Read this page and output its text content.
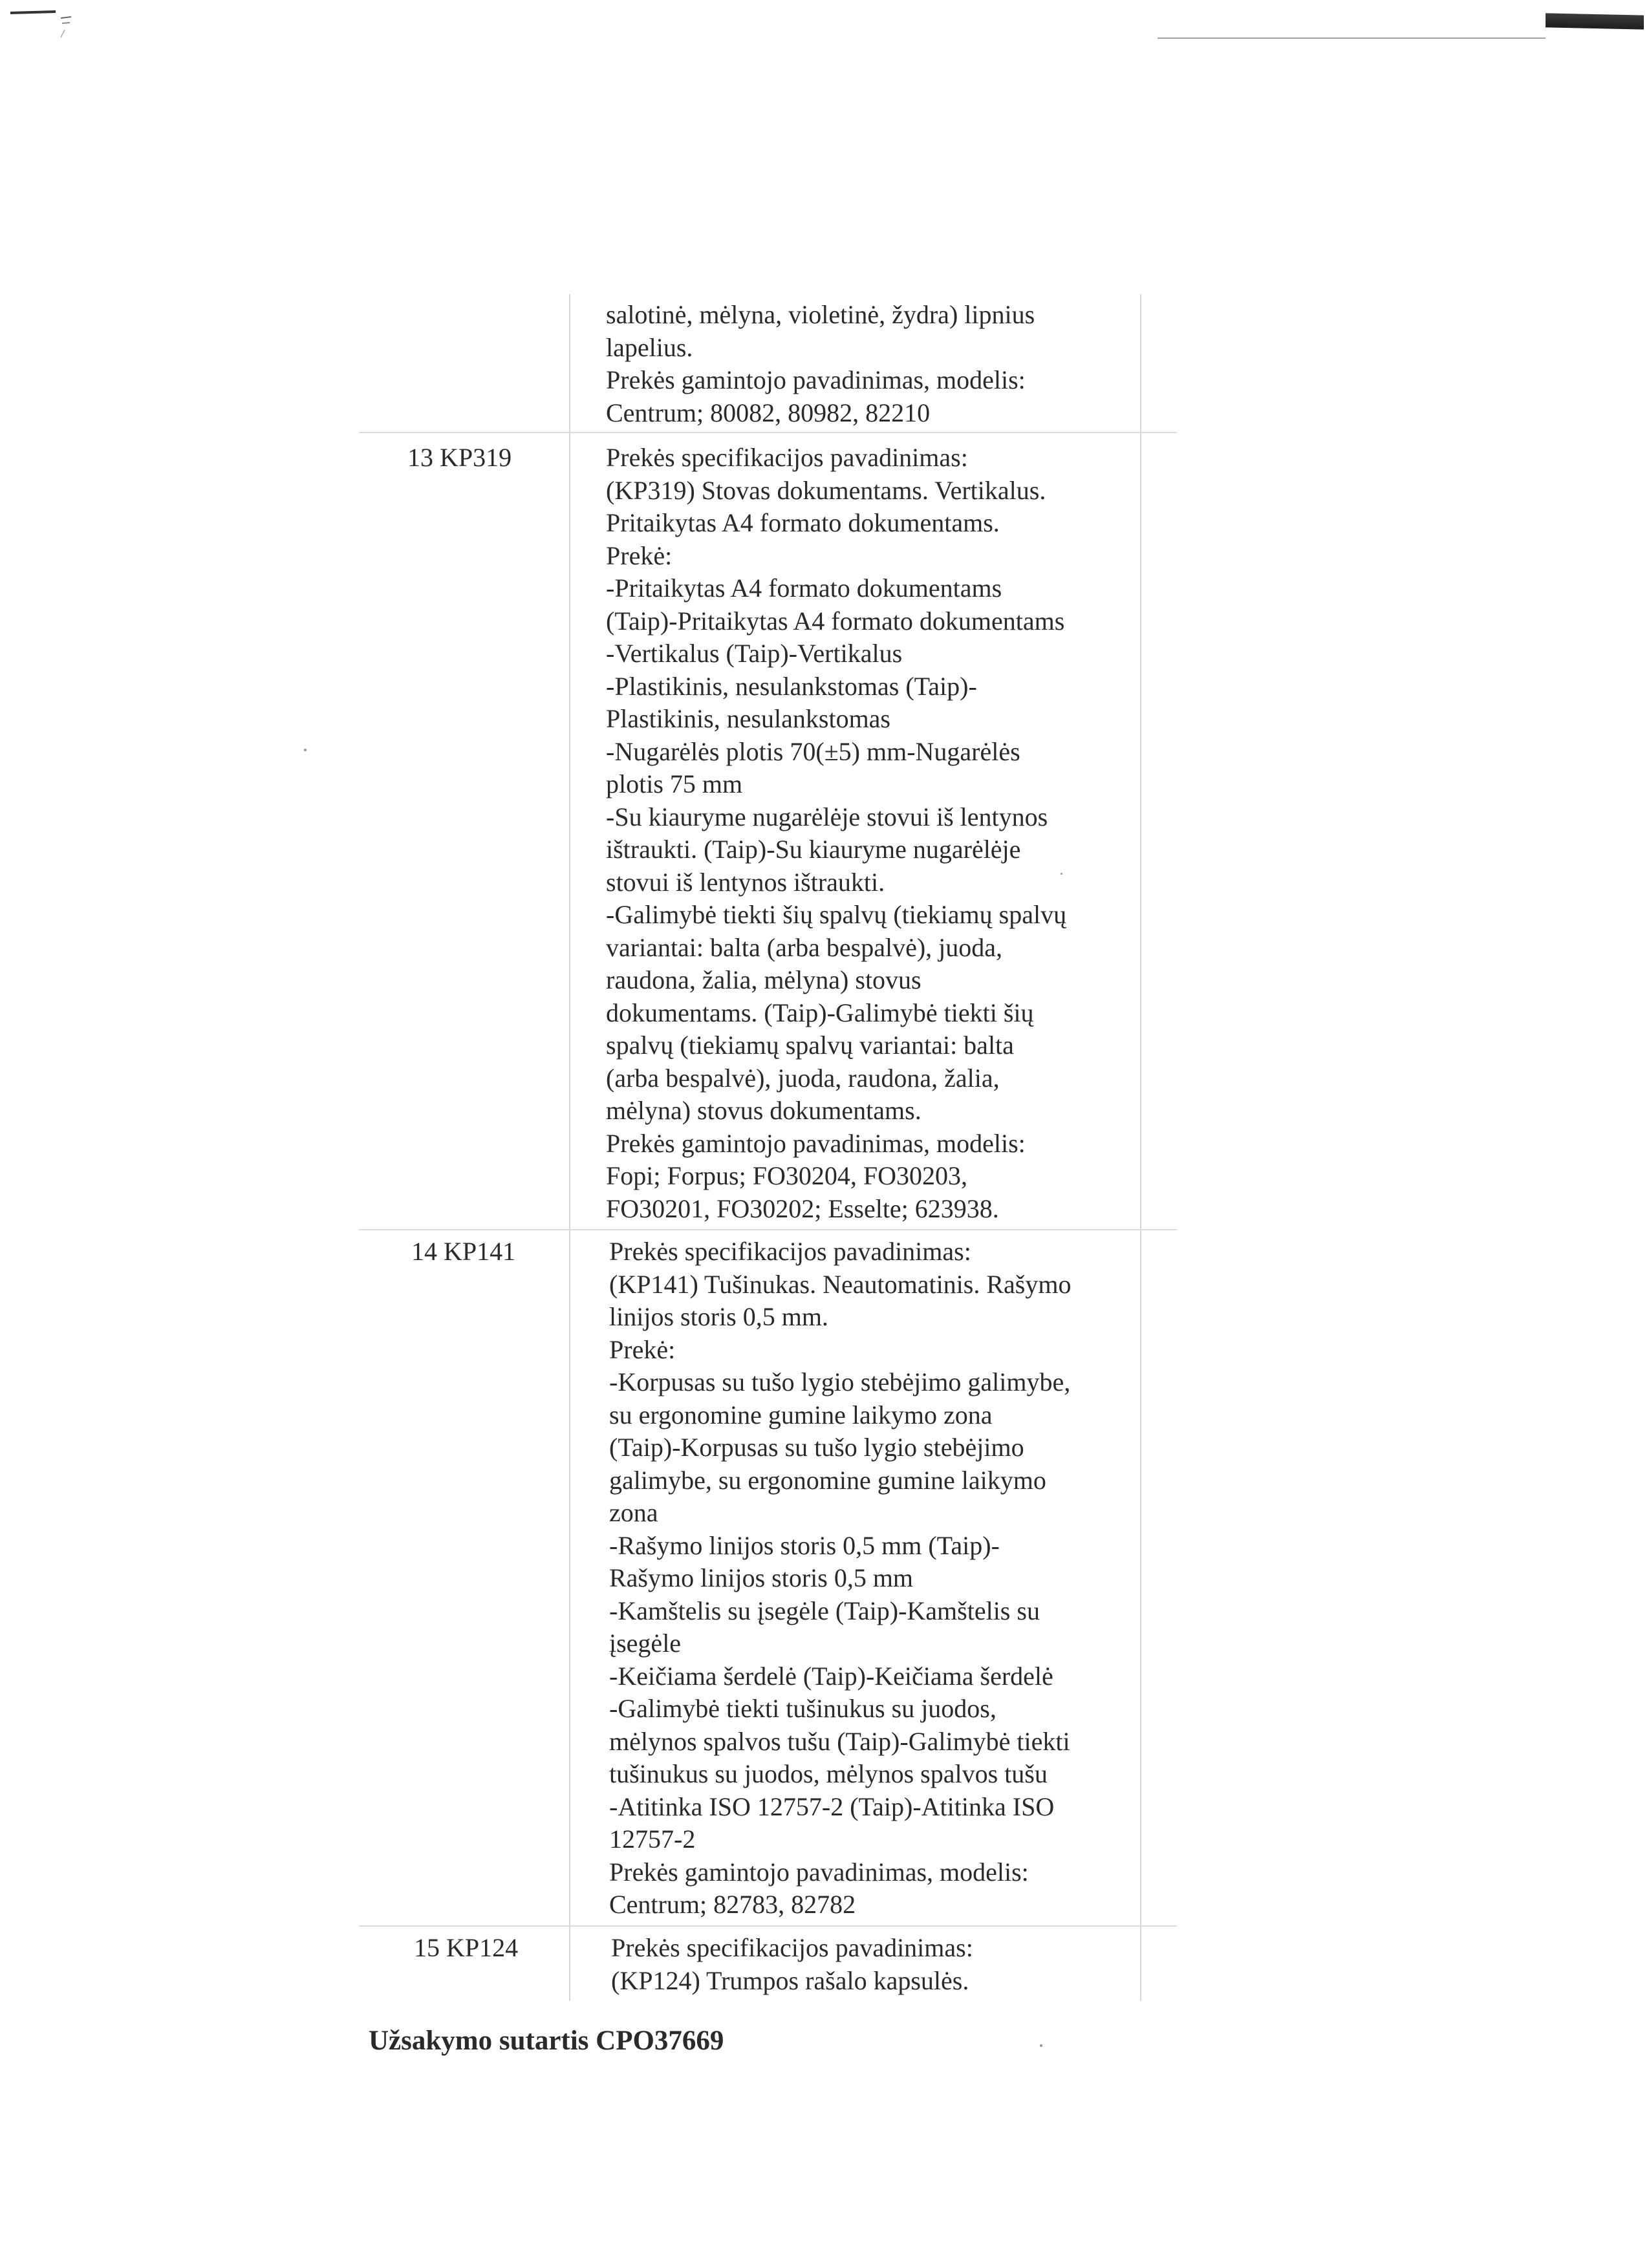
salotinė, mėlyna, violetinė, žydra) lipnius
lapelius.
Prekės gamintojo pavadinimas, modelis:
Centrum; 80082, 80982, 82210
13 KP319	Prekės specifikacijos pavadinimas:
(KP319) Stovas dokumentams. Vertikalus.
Pritaikytas A4 formato dokumentams.
Prekė:
-Pritaikytas A4 formato dokumentams
(Taip)-Pritaikytas A4 formato dokumentams
-Vertikalus (Taip)-Vertikalus
-Plastikinis, nesulankstomas (Taip)-
Plastikinis, nesulankstomas
-Nugarėlės plotis 70(±5) mm-Nugarėlės
plotis 75 mm
-Su kiauryme nugarėlėje stovui iš lentynos
ištraukti. (Taip)-Su kiauryme nugarėlėje
stovui iš lentynos ištraukti.
-Galimybė tiekti šių spalvų (tiekiamų spalvų
variantai: balta (arba bespalvė), juoda,
raudona, žalia, mėlyna) stovus
dokumentams. (Taip)-Galimybė tiekti šių
spalvų (tiekiamų spalvų variantai: balta
(arba bespalvė), juoda, raudona, žalia,
mėlyna) stovus dokumentams.
Prekės gamintojo pavadinimas, modelis:
Fopi; Forpus; FO30204, FO30203,
FO30201, FO30202; Esselte; 623938.
14 KP141	Prekės specifikacijos pavadinimas:
(KP141) Tušinukas. Neautomatinis. Rašymo
linijos storis 0,5 mm.
Prekė:
-Korpusas su tušo lygio stebėjimo galimybe,
su ergonomine gumine laikymo zona
(Taip)-Korpusas su tušo lygio stebėjimo
galimybe, su ergonomine gumine laikymo
zona
-Rašymo linijos storis 0,5 mm (Taip)-
Rašymo linijos storis 0,5 mm
-Kamštelis su įsegėle (Taip)-Kamštelis su
įsegėle
-Keičiama šerdelė (Taip)-Keičiama šerdelė
-Galimybė tiekti tušinukus su juodos,
mėlynos spalvos tušu (Taip)-Galimybė tiekti
tušinukus su juodos, mėlynos spalvos tušu
-Atitinka ISO 12757-2 (Taip)-Atitinka ISO
12757-2
Prekės gamintojo pavadinimas, modelis:
Centrum; 82783, 82782
15 KP124	Prekės specifikacijos pavadinimas:
(KP124) Trumpos rašalo kapsulės.
Užsakymo sutartis CPO37669
